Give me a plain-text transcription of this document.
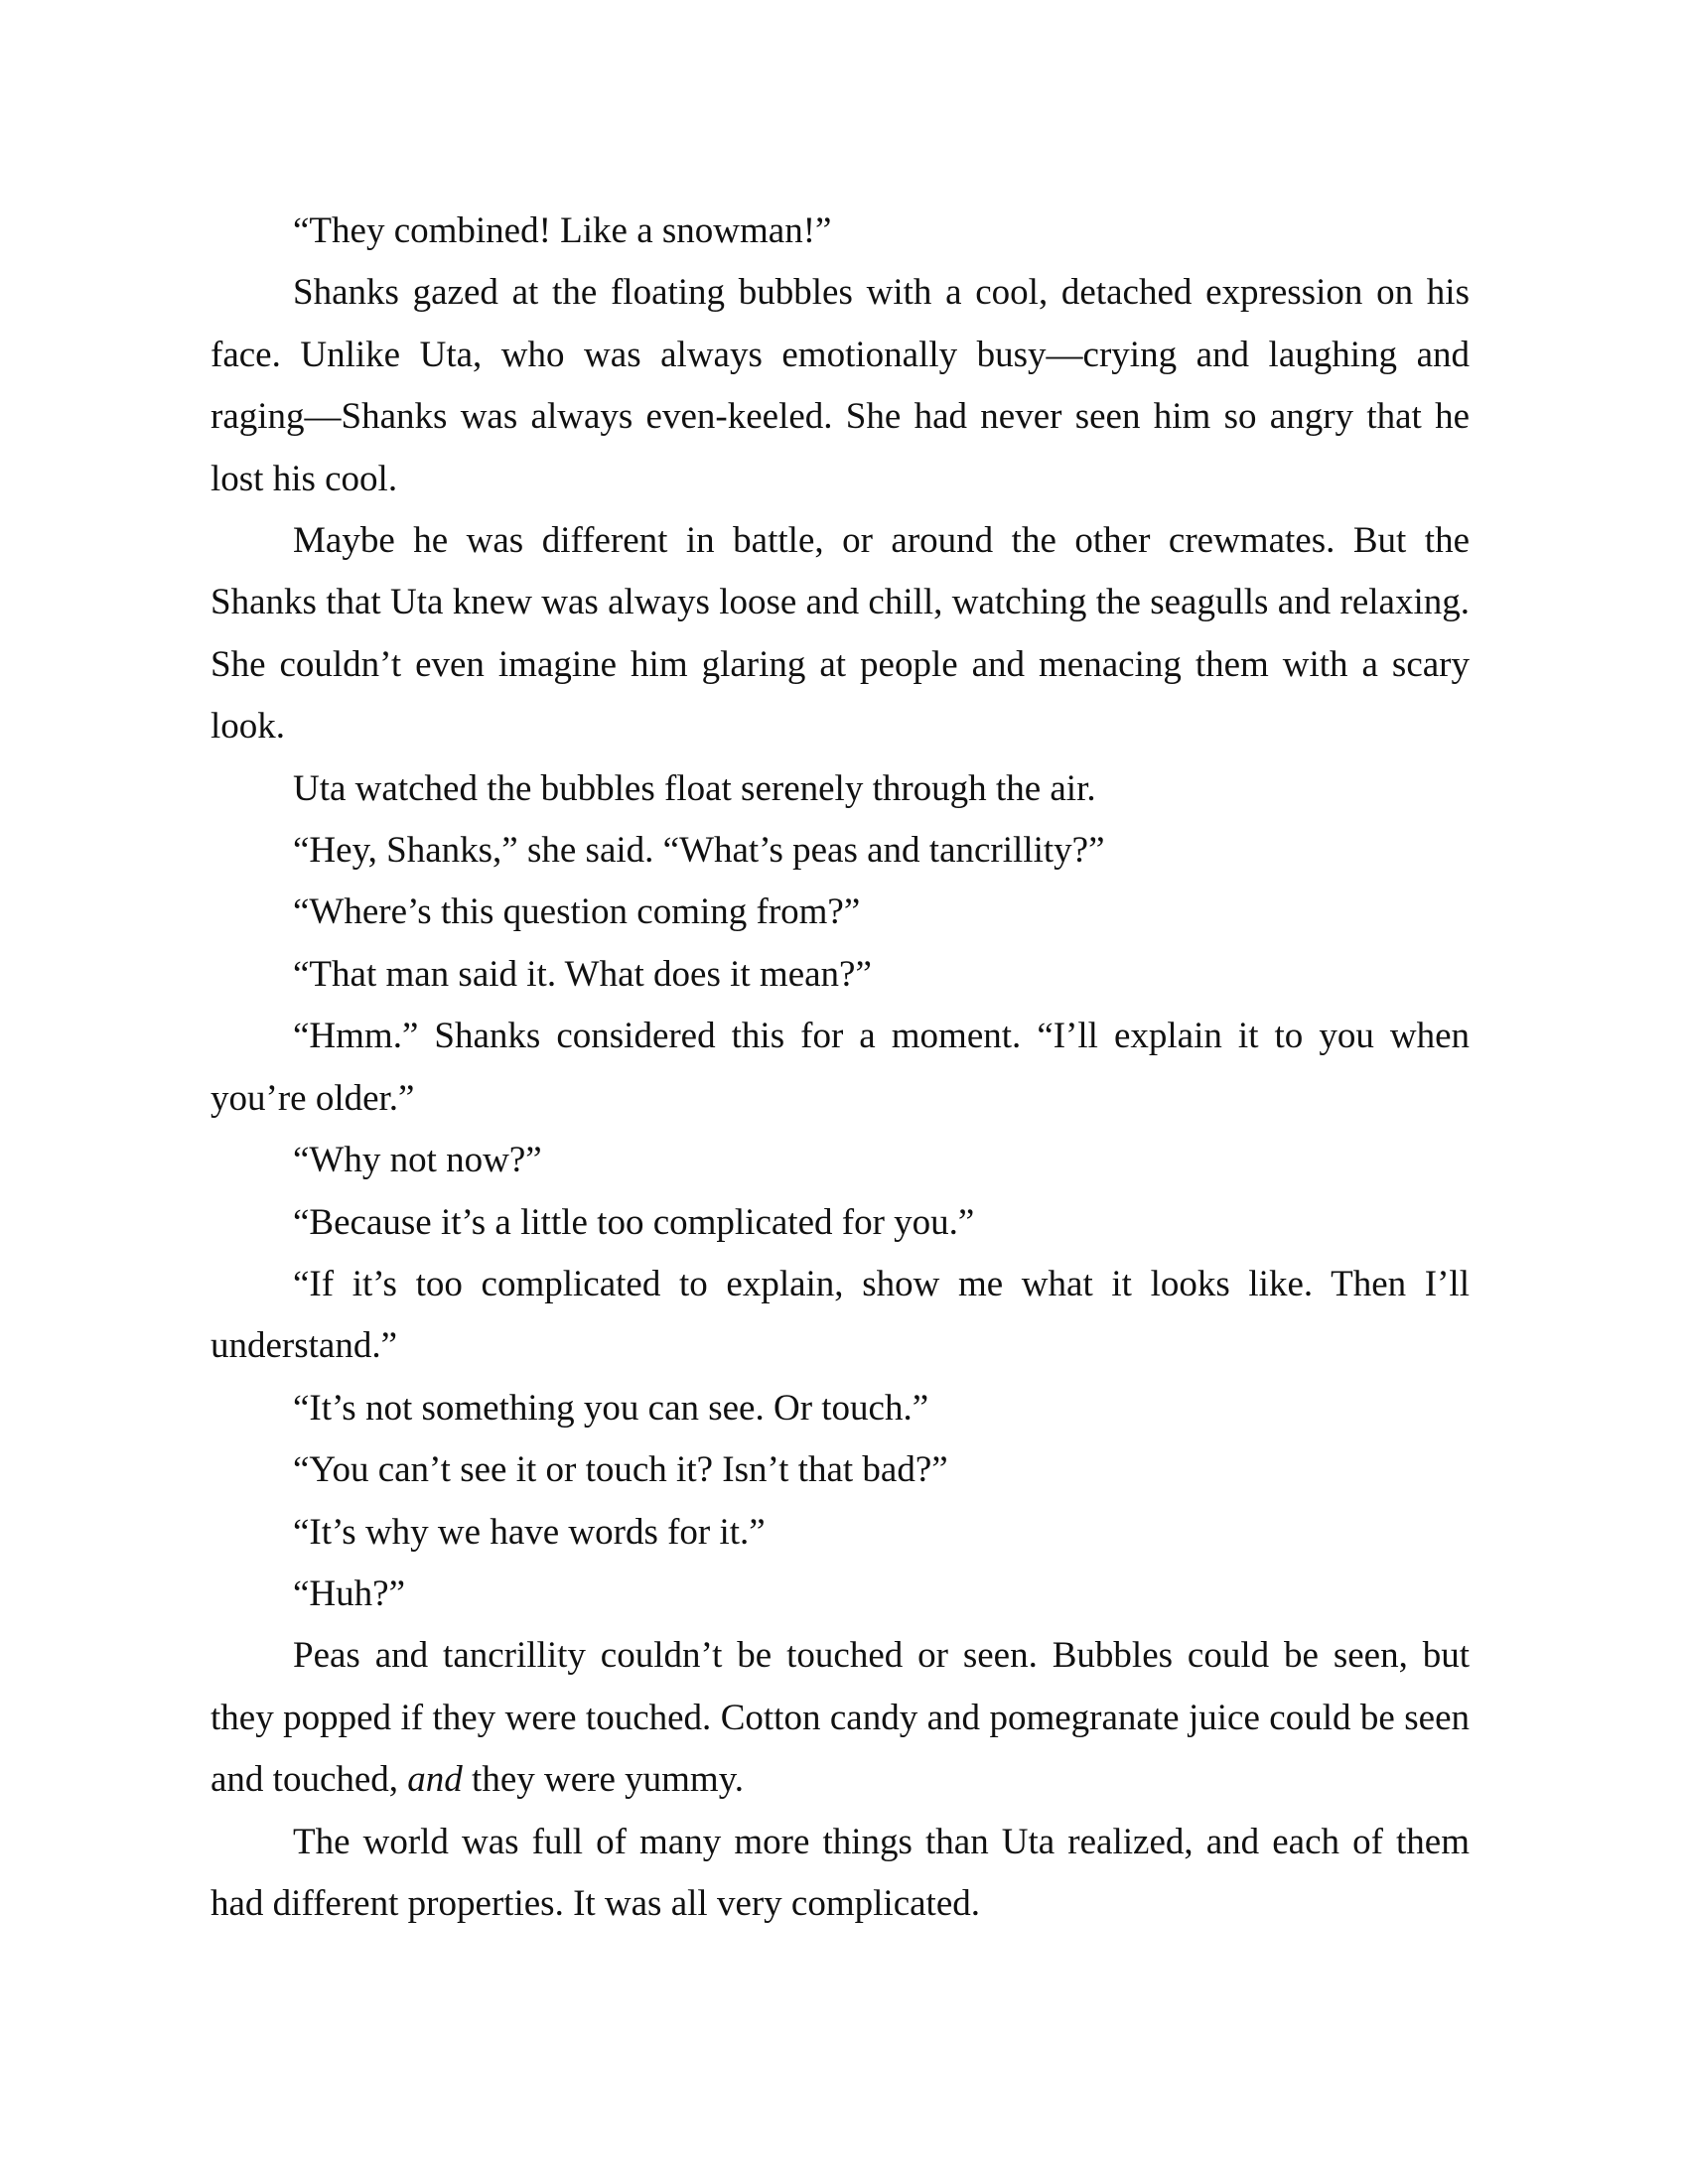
“They combined! Like a snowman!”

Shanks gazed at the floating bubbles with a cool, detached expression on his face. Unlike Uta, who was always emotionally busy—crying and laughing and raging—Shanks was always even-keeled. She had never seen him so angry that he lost his cool.

Maybe he was different in battle, or around the other crewmates. But the Shanks that Uta knew was always loose and chill, watching the seagulls and relaxing. She couldn’t even imagine him glaring at people and menacing them with a scary look.

Uta watched the bubbles float serenely through the air.

“Hey, Shanks,” she said. “What’s peas and tancrillity?”

“Where’s this question coming from?”

“That man said it. What does it mean?”

“Hmm.” Shanks considered this for a moment. “I’ll explain it to you when you’re older.”

“Why not now?”

“Because it’s a little too complicated for you.”

“If it’s too complicated to explain, show me what it looks like. Then I’ll understand.”

“It’s not something you can see. Or touch.”

“You can’t see it or touch it? Isn’t that bad?”

“It’s why we have words for it.”

“Huh?”

Peas and tancrillity couldn’t be touched or seen. Bubbles could be seen, but they popped if they were touched. Cotton candy and pomegranate juice could be seen and touched, and they were yummy.

The world was full of many more things than Uta realized, and each of them had different properties. It was all very complicated.
